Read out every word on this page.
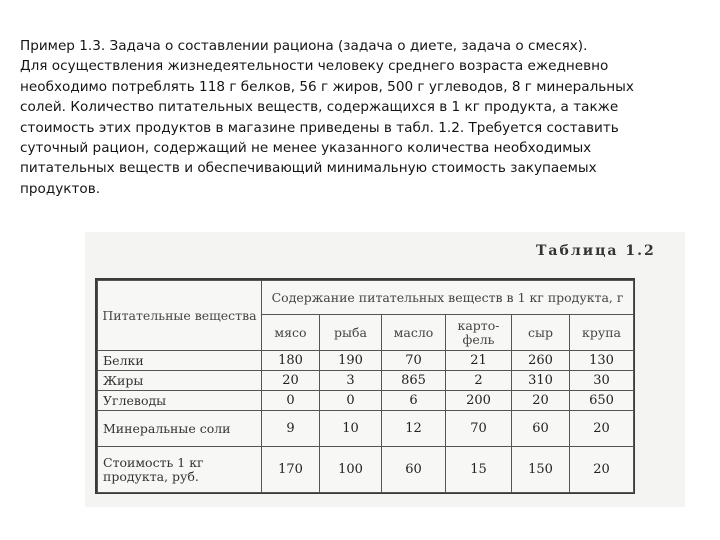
Пример 1.3. Задача о составлении рациона (задача о диете, задача о смесях).
Для осуществления жизнедеятельности человеку среднего возраста ежедневно
необходимо потреблять 118 г белков, 56 г жиров, 500 г углеводов, 8 г минеральных
солей. Количество питательных веществ, содержащихся в 1 кг продукта, а также
стоимость этих продуктов в магазине приведены в табл. 1.2. Требуется составить
суточный рацион, содержащий не менее указанного количества необходимых
питательных веществ и обеспечивающий минимальную стоимость закупаемых
продуктов.
Таблица 1.2
Питательные вещества	Содержание питательных веществ в 1 кг продукта, г					
	мясо	рыба	масло	карто-фель	сыр	крупа
Белки	180	190	70	21	260	130
Жиры	20	3	865	2	310	30
Углеводы	0	0	6	200	20	650
Минеральные соли	9	10	12	70	60	20
Стоимость 1 кг продукта, руб.	170	100	60	15	150	20
